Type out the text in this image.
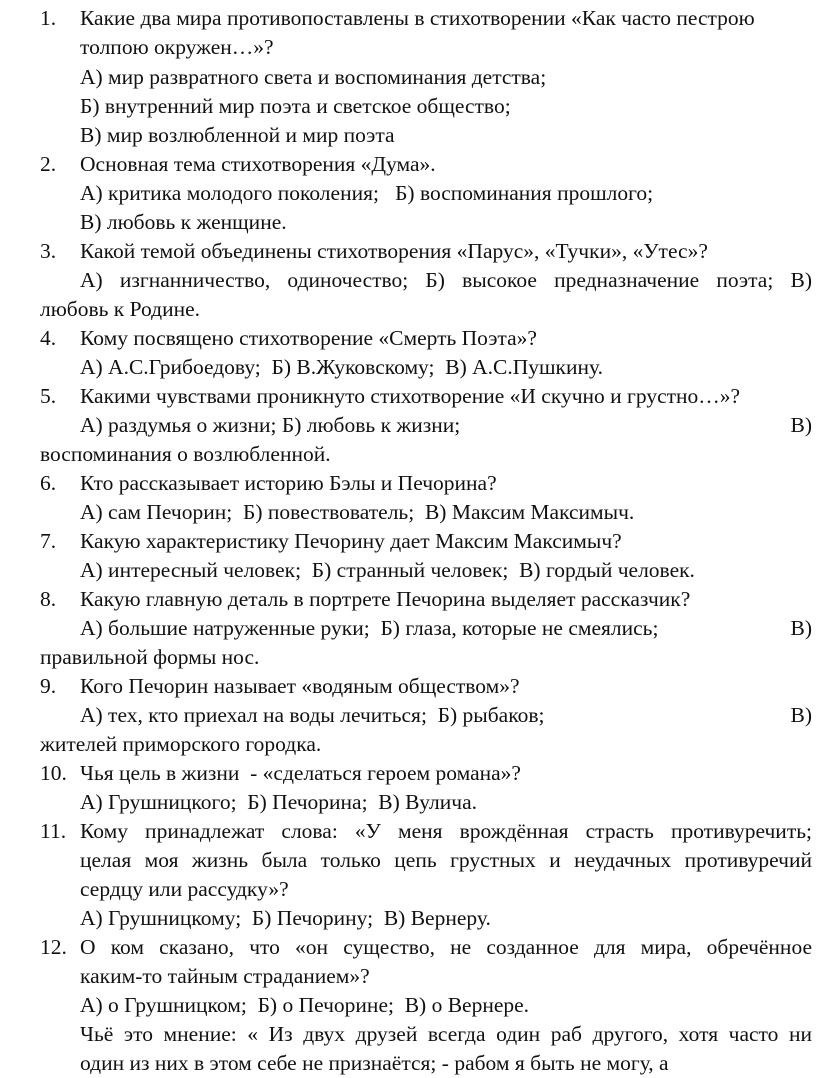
1.	Какие два мира противопоставлены в стихотворении «Как часто пестрою
толпою окружен…»?
А) мир развратного света и воспоминания детства;
Б) внутренний мир поэта и светское общество;
В) мир возлюбленной и мир поэта
2.	Основная тема стихотворения «Дума».
А) критика молодого поколения;   Б) воспоминания прошлого;
В) любовь к женщине.
3.	Какой темой объединены стихотворения «Парус», «Тучки», «Утес»?
А) изгнанничество, одиночество; Б) высокое предназначение поэта; В)
любовь к Родине.
4.	Кому посвящено стихотворение «Смерть Поэта»?
А) А.С.Грибоедову;  Б) В.Жуковскому;  В) А.С.Пушкину.
5.	Какими чувствами проникнуто стихотворение «И скучно и грустно…»?
А) раздумья о жизни; Б) любовь к жизни;	В)
воспоминания о возлюбленной.
6.	Кто рассказывает историю Бэлы и Печорина?
А) сам Печорин;  Б) повествователь;  В) Максим Максимыч.
7.	Какую характеристику Печорину дает Максим Максимыч?
А) интересный человек;  Б) странный человек;  В) гордый человек.
8.	Какую главную деталь в портрете Печорина выделяет рассказчик?
А) большие натруженные руки;  Б) глаза, которые не смеялись;	В)
правильной формы нос.
9.	Кого Печорин называет «водяным обществом»?
А) тех, кто приехал на воды лечиться;  Б) рыбаков;	В)
жителей приморского городка.
10. Чья цель в жизни  - «сделаться героем романа»?
А) Грушницкого;  Б) Печорина;  В) Вулича.
11. Кому принадлежат слова: «У меня врождённая страсть противуречить;
целая моя жизнь была только цепь грустных и неудачных противуречий
сердцу или рассудку»?
А) Грушницкому;  Б) Печорину;  В) Вернеру.
12. О ком сказано, что «он существо, не созданное для мира, обречённое
каким-то тайным страданием»?
А) о Грушницком;  Б) о Печорине;  В) о Вернере.
Чьё это мнение: « Из двух друзей всегда один раб другого, хотя часто ни
один из них в этом себе не признаётся; - рабом я быть не могу, а
